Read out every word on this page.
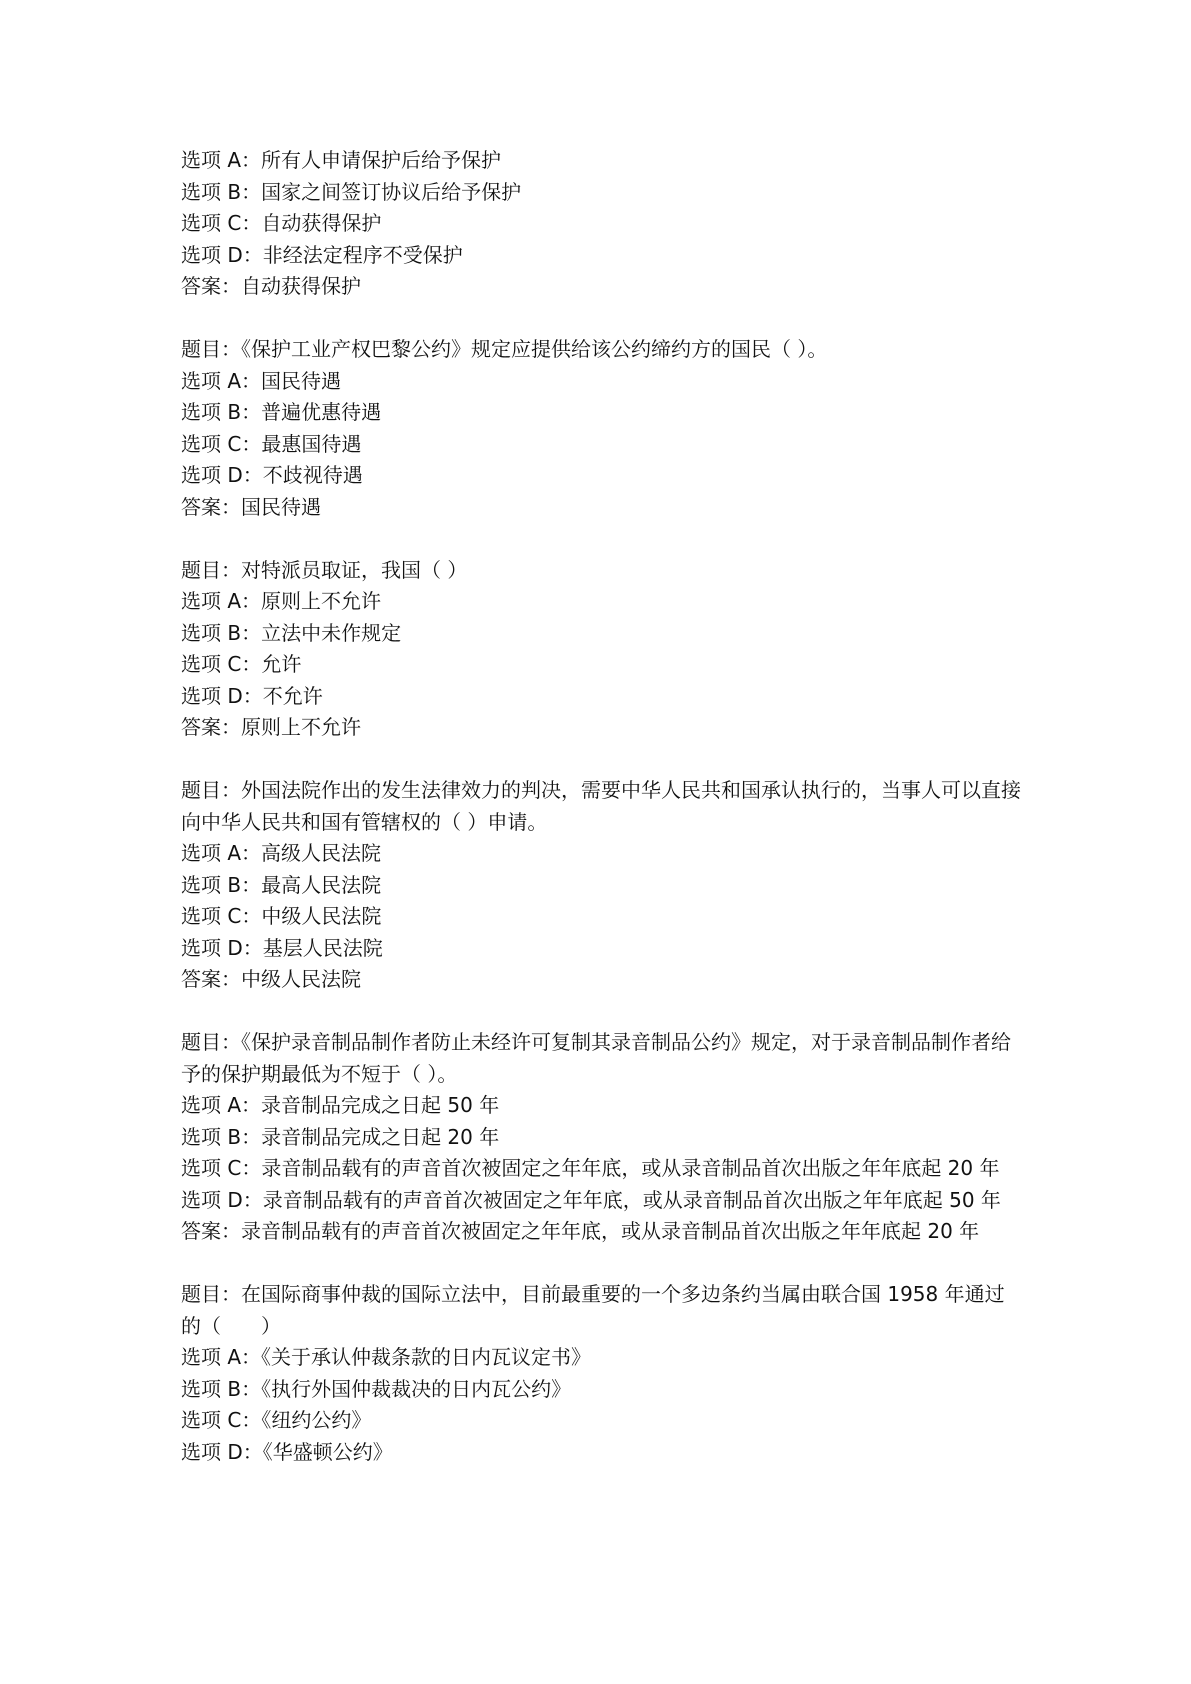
选项 A：所有人申请保护后给予保护

选项 B：国家之间签订协议后给予保护

选项 C：自动获得保护

选项 D：非经法定程序不受保护

答案：自动获得保护

题目：《保护工业产权巴黎公约》规定应提供给该公约缔约方的国民（ ）。

选项 A：国民待遇

选项 B：普遍优惠待遇

选项 C：最惠国待遇

选项 D：不歧视待遇

答案：国民待遇

题目：对特派员取证，我国（ ）

选项 A：原则上不允许

选项 B：立法中未作规定

选项 C：允许

选项 D：不允许

答案：原则上不允许

题目：外国法院作出的发生法律效力的判决，需要中华人民共和国承认执行的，当事人可以直接向中华人民共和国有管辖权的（ ）申请。

选项 A：高级人民法院

选项 B：最高人民法院

选项 C：中级人民法院

选项 D：基层人民法院

答案：中级人民法院

题目：《保护录音制品制作者防止未经许可复制其录音制品公约》规定，对于录音制品制作者给予的保护期最低为不短于（ ）。

选项 A：录音制品完成之日起 50 年

选项 B：录音制品完成之日起 20 年

选项 C：录音制品载有的声音首次被固定之年年底，或从录音制品首次出版之年年底起 20 年

选项 D：录音制品载有的声音首次被固定之年年底，或从录音制品首次出版之年年底起 50 年

答案：录音制品载有的声音首次被固定之年年底，或从录音制品首次出版之年年底起 20 年

题目：在国际商事仲裁的国际立法中，目前最重要的一个多边条约当属由联合国 1958 年通过的（　　）

选项 A：《关于承认仲裁条款的日内瓦议定书》

选项 B：《执行外国仲裁裁决的日内瓦公约》

选项 C：《纽约公约》

选项 D：《华盛顿公约》
